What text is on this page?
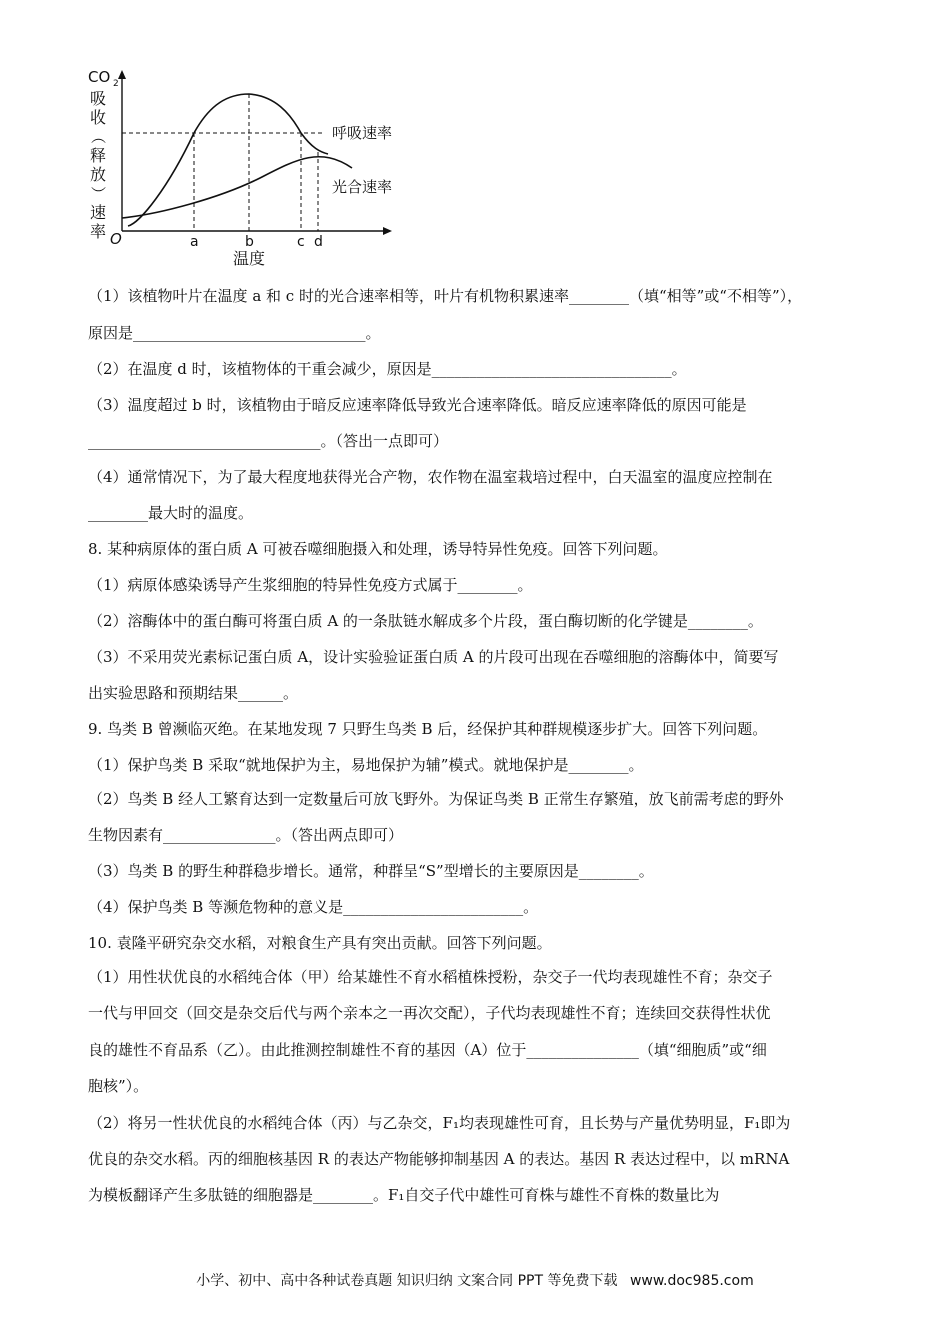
CO 2
吸
收
（
释
放
）
速
率 O
呼吸速率
光合速率
a	b	c d
温度
（1）该植物叶片在温度 a 和 c 时的光合速率相等，叶片有机物积累速率________（填“相等”或“不相等”），
原因是_______________________________。
（2）在温度 d 时，该植物体的干重会减少，原因是________________________________。
（3）温度超过 b 时，该植物由于暗反应速率降低导致光合速率降低。暗反应速率降低的原因可能是
_______________________________。（答出一点即可）
（4）通常情况下，为了最大程度地获得光合产物，农作物在温室栽培过程中，白天温室的温度应控制在
________最大时的温度。
8. 某种病原体的蛋白质 A 可被吞噬细胞摄入和处理，诱导特异性免疫。回答下列问题。
（1）病原体感染诱导产生浆细胞的特异性免疫方式属于________。
（2）溶酶体中的蛋白酶可将蛋白质 A 的一条肽链水解成多个片段，蛋白酶切断的化学键是________。
（3）不采用荧光素标记蛋白质 A，设计实验验证蛋白质 A 的片段可出现在吞噬细胞的溶酶体中，简要写
出实验思路和预期结果______。
9. 鸟类 B 曾濒临灭绝。在某地发现 7 只野生鸟类 B 后，经保护其种群规模逐步扩大。回答下列问题。
（1）保护鸟类 B 采取“就地保护为主，易地保护为辅”模式。就地保护是________。
（2）鸟类 B 经人工繁育达到一定数量后可放飞野外。为保证鸟类 B 正常生存繁殖，放飞前需考虑的野外
生物因素有_______________。（答出两点即可）
（3）鸟类 B 的野生种群稳步增长。通常，种群呈“S”型增长的主要原因是________。
（4）保护鸟类 B 等濒危物种的意义是________________________。
10. 袁隆平研究杂交水稻，对粮食生产具有突出贡献。回答下列问题。
（1）用性状优良的水稻纯合体（甲）给某雄性不育水稻植株授粉，杂交子一代均表现雄性不育；杂交子
一代与甲回交（回交是杂交后代与两个亲本之一再次交配），子代均表现雄性不育；连续回交获得性状优
良的雄性不育品系（乙）。由此推测控制雄性不育的基因（A）位于_______________（填“细胞质”或“细
胞核”）。
（2）将另一性状优良的水稻纯合体（丙）与乙杂交，F₁均表现雄性可育，且长势与产量优势明显，F₁即为
优良的杂交水稻。丙的细胞核基因 R 的表达产物能够抑制基因 A 的表达。基因 R 表达过程中，以 mRNA
为模板翻译产生多肽链的细胞器是________。F₁自交子代中雄性可育株与雄性不育株的数量比为
小学、初中、高中各种试卷真题 知识归纳 文案合同 PPT 等免费下载 www.doc985.com
